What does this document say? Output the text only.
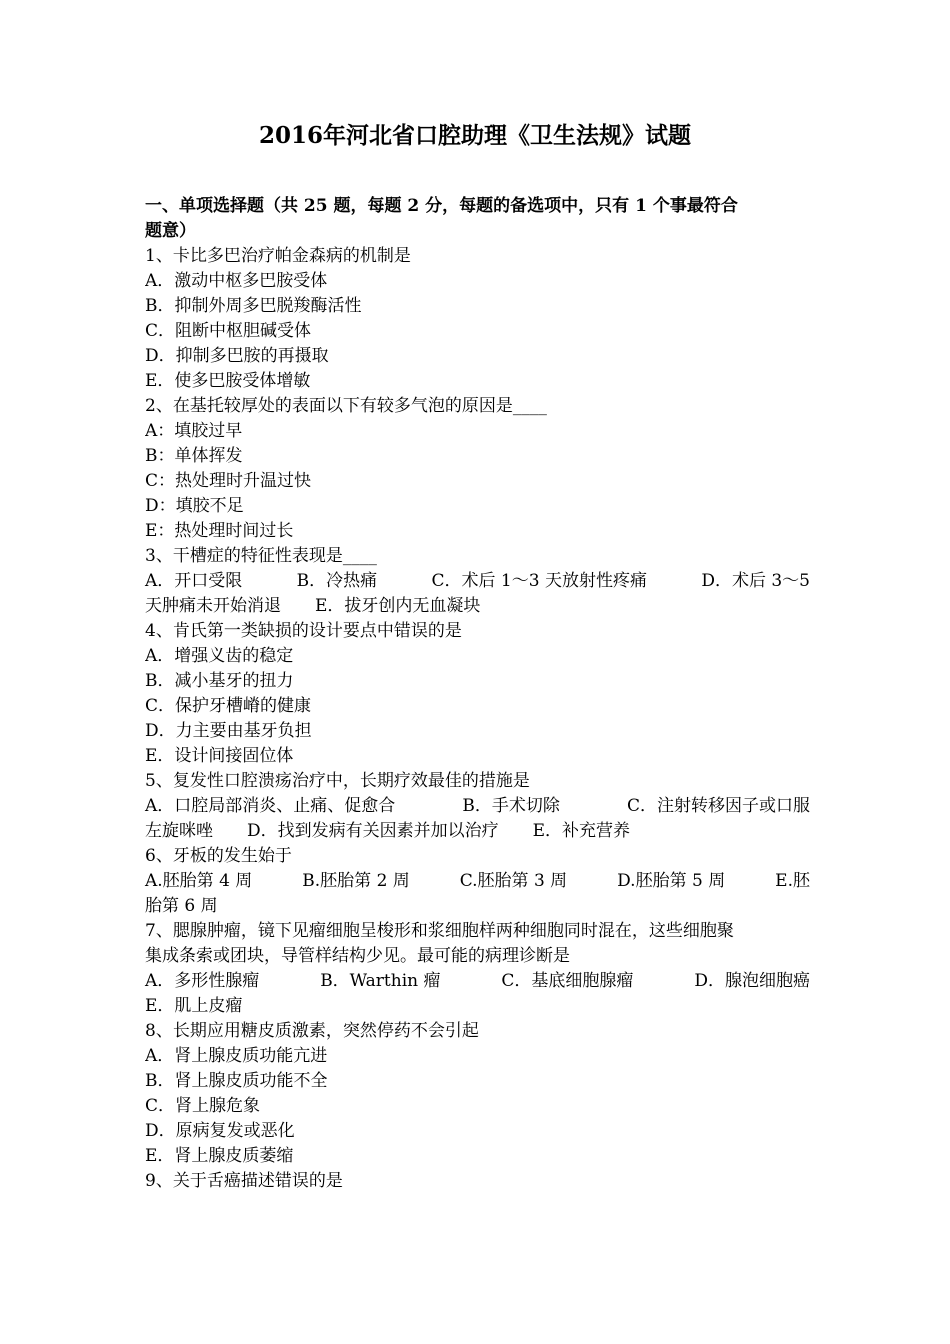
2016年河北省口腔助理《卫生法规》试题
一、单项选择题（共 25 题，每题 2 分，每题的备选项中，只有 1 个事最符合
题意）
1、卡比多巴治疗帕金森病的机制是
A．激动中枢多巴胺受体
B．抑制外周多巴脱羧酶活性
C．阻断中枢胆碱受体
D．抑制多巴胺的再摄取
E．使多巴胺受体增敏
2、在基托较厚处的表面以下有较多气泡的原因是____
A：填胶过早
B：单体挥发
C：热处理时升温过快
D：填胶不足
E：热处理时间过长
3、干槽症的特征性表现是____
A．开口受限	B．冷热痛	C．术后 1～3 天放射性疼痛	D．术后 3～5
天肿痛未开始消退　　E．拔牙创内无血凝块
4、肯氏第一类缺损的设计要点中错误的是
A．增强义齿的稳定
B．减小基牙的扭力
C．保护牙槽嵴的健康
D．力主要由基牙负担
E．设计间接固位体
5、复发性口腔溃疡治疗中，长期疗效最佳的措施是
A．口腔局部消炎、止痛、促愈合	B．手术切除	C．注射转移因子或口服
左旋咪唑　　D．找到发病有关因素并加以治疗　　E．补充营养
6、牙板的发生始于
A.胚胎第 4 周	B.胚胎第 2 周	C.胚胎第 3 周	D.胚胎第 5 周	E.胚
胎第 6 周
7、腮腺肿瘤，镜下见瘤细胞呈梭形和浆细胞样两种细胞同时混在，这些细胞聚
集成条索或团块，导管样结构少见。最可能的病理诊断是
A．多形性腺瘤	B．Warthin 瘤	C．基底细胞腺瘤	D．腺泡细胞癌
E．肌上皮瘤
8、长期应用糖皮质激素，突然停药不会引起
A．肾上腺皮质功能亢进
B．肾上腺皮质功能不全
C．肾上腺危象
D．原病复发或恶化
E．肾上腺皮质萎缩
9、关于舌癌描述错误的是
